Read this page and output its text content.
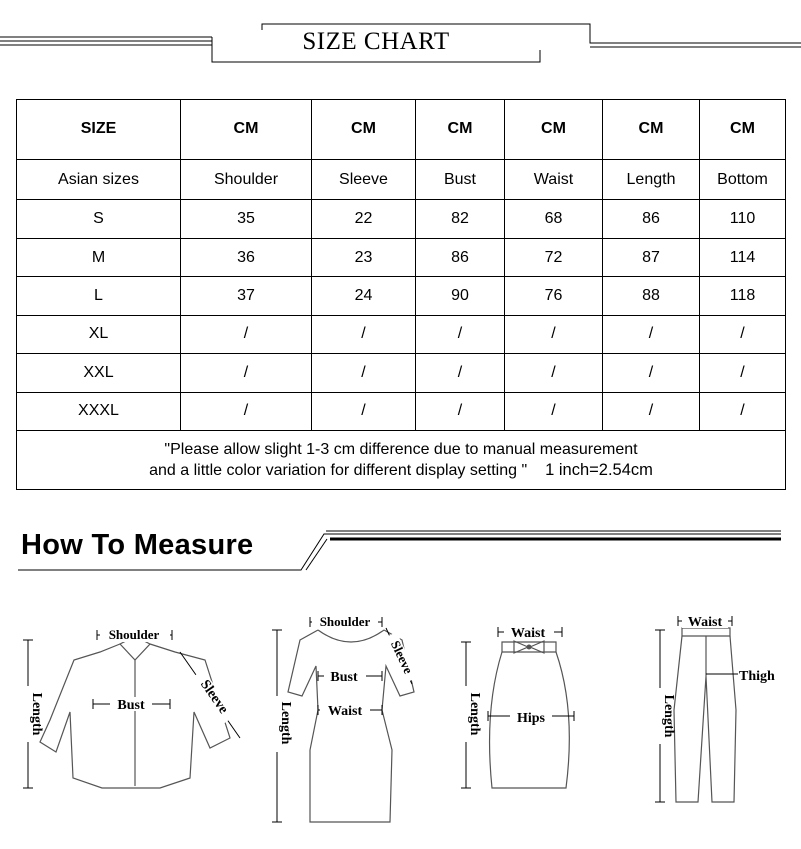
SIZE CHART
SIZE	CM	CM	CM	CM	CM	CM
Asian sizes	Shoulder	Sleeve	Bust	Waist	Length	Bottom
S	35	22	82	68	86	110
M	36	23	86	72	87	114
L	37	24	90	76	88	118
XL	/	/	/	/	/	/
XXL	/	/	/	/	/	/
XXXL	/	/	/	/	/	/

"Please allow slight 1-3 cm difference due to manual measurement
and a little color variation for different display setting " 1 inch=2.54cm						
How To Measure
Shoulder
Bust
Length	Sleeve
Shoulder
Bust
Waist
Length
Sleeve
Waist
Hips
Length
Waist
Thigh
Length
